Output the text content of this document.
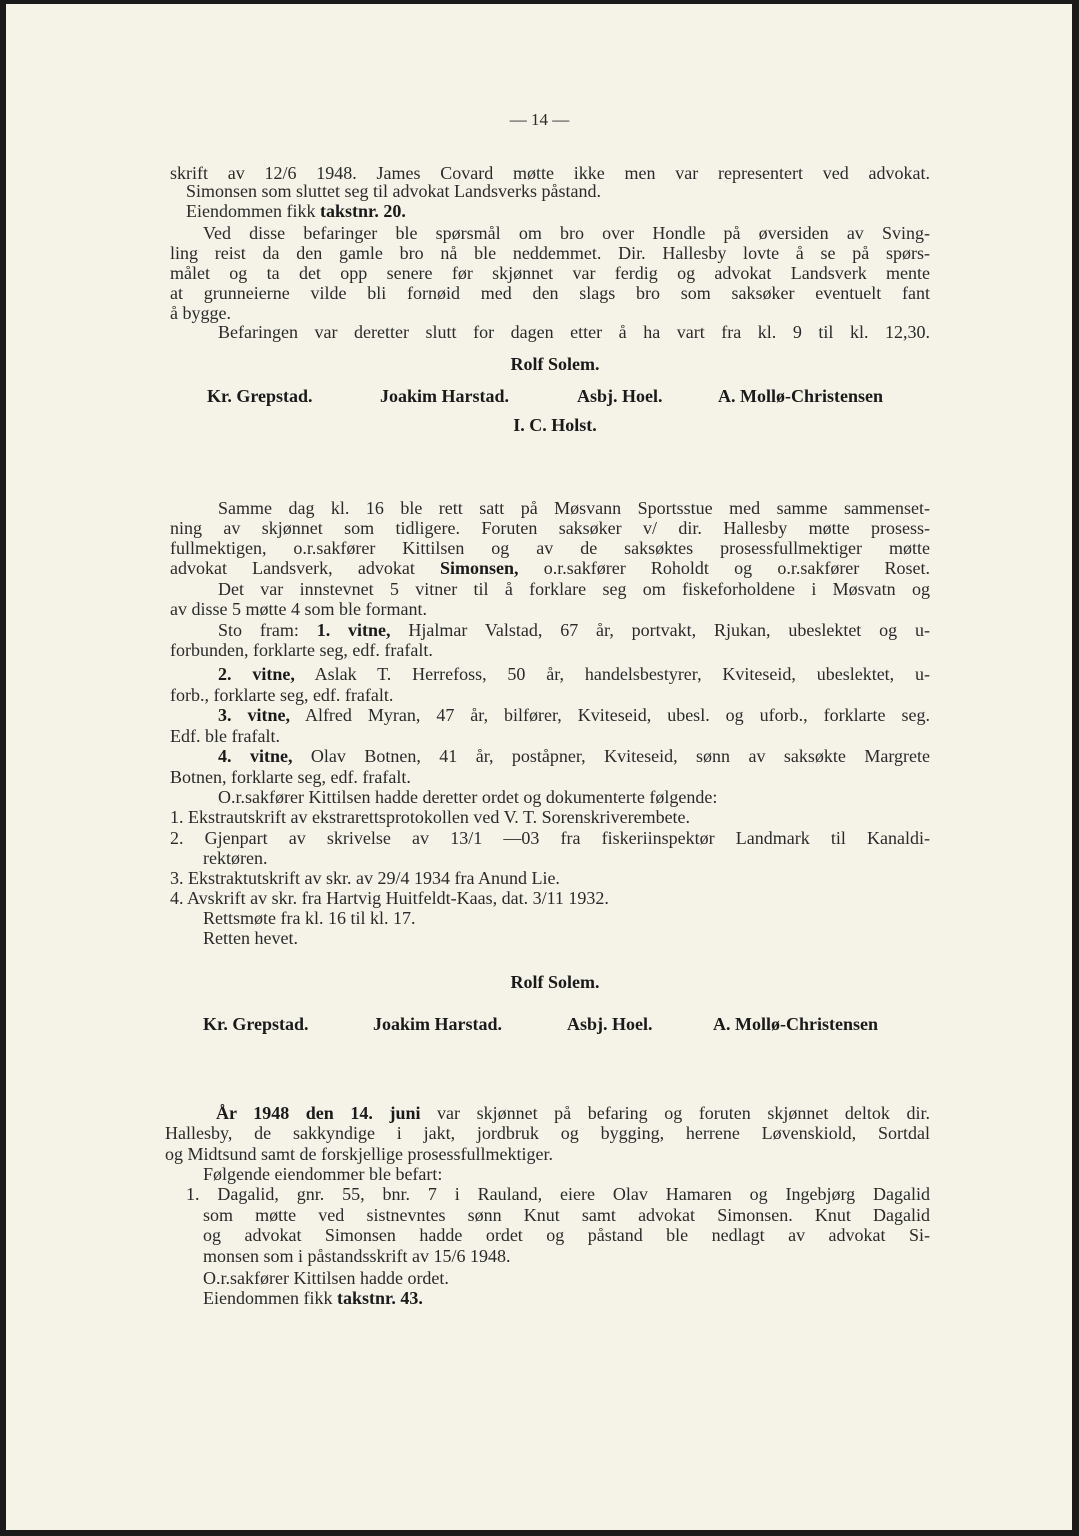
— 14 —
skrift av 12/6 1948. James Covard møtte ikke men var representert ved advokat.
Simonsen som sluttet seg til advokat Landsverks påstand.
Eiendommen fikk takstnr. 20.
Ved disse befaringer ble spørsmål om bro over Hondle på øversiden av Sving-
ling reist da den gamle bro nå ble neddemmet. Dir. Hallesby lovte å se på spørs-
målet og ta det opp senere før skjønnet var ferdig og advokat Landsverk mente
at grunneierne vilde bli fornøid med den slags bro som saksøker eventuelt fant
å bygge.
Befaringen var deretter slutt for dagen etter å ha vart fra kl. 9 til kl. 12,30.
Samme dag kl. 16 ble rett satt på Møsvann Sportsstue med samme sammenset-
ning av skjønnet som tidligere. Foruten saksøker v/ dir. Hallesby møtte prosess-
fullmektigen, o.r.sakfører Kittilsen og av de saksøktes prosessfullmektiger møtte
advokat Landsverk, advokat Simonsen, o.r.sakfører Roholdt og o.r.sakfører Roset.
Det var innstevnet 5 vitner til å forklare seg om fiskeforholdene i Møsvatn og
av disse 5 møtte 4 som ble formant.
Sto fram: 1. vitne, Hjalmar Valstad, 67 år, portvakt, Rjukan, ubeslektet og u-
forbunden, forklarte seg, edf. frafalt.
2. vitne, Aslak T. Herrefoss, 50 år, handelsbestyrer, Kviteseid, ubeslektet, u-
forb., forklarte seg, edf. frafalt.
3. vitne, Alfred Myran, 47 år, bilfører, Kviteseid, ubesl. og uforb., forklarte seg.
Edf. ble frafalt.
4. vitne, Olav Botnen, 41 år, poståpner, Kviteseid, sønn av saksøkte Margrete
Botnen, forklarte seg, edf. frafalt.
O.r.sakfører Kittilsen hadde deretter ordet og dokumenterte følgende:
1. Ekstrautskrift av ekstrarettsprotokollen ved V. T. Sorenskriverembete.
2. Gjenpart av skrivelse av 13/1 —03 fra fiskeriinspektør Landmark til Kanaldi-
rektøren.
3. Ekstraktutskrift av skr. av 29/4 1934 fra Anund Lie.
4. Avskrift av skr. fra Hartvig Huitfeldt-Kaas, dat. 3/11 1932.
Rettsmøte fra kl. 16 til kl. 17.
Retten hevet.
År 1948 den 14. juni var skjønnet på befaring og foruten skjønnet deltok dir.
Hallesby, de sakkyndige i jakt, jordbruk og bygging, herrene Løvenskiold, Sortdal
og Midtsund samt de forskjellige prosessfullmektiger.
Følgende eiendommer ble befart:
1. Dagalid, gnr. 55, bnr. 7 i Rauland, eiere Olav Hamaren og Ingebjørg Dagalid
som møtte ved sistnevntes sønn Knut samt advokat Simonsen. Knut Dagalid
og advokat Simonsen hadde ordet og påstand ble nedlagt av advokat Si-
monsen som i påstandsskrift av 15/6 1948.
O.r.sakfører Kittilsen hadde ordet.
Eiendommen fikk takstnr. 43.
Rolf Solem.
Kr. Grepstad.	Joakim Harstad.	Asbj. Hoel.	A. Mollø-Christensen
I. C. Holst.
Rolf Solem.
Kr. Grepstad.	Joakim Harstad.	Asbj. Hoel.	A. Mollø-Christensen
